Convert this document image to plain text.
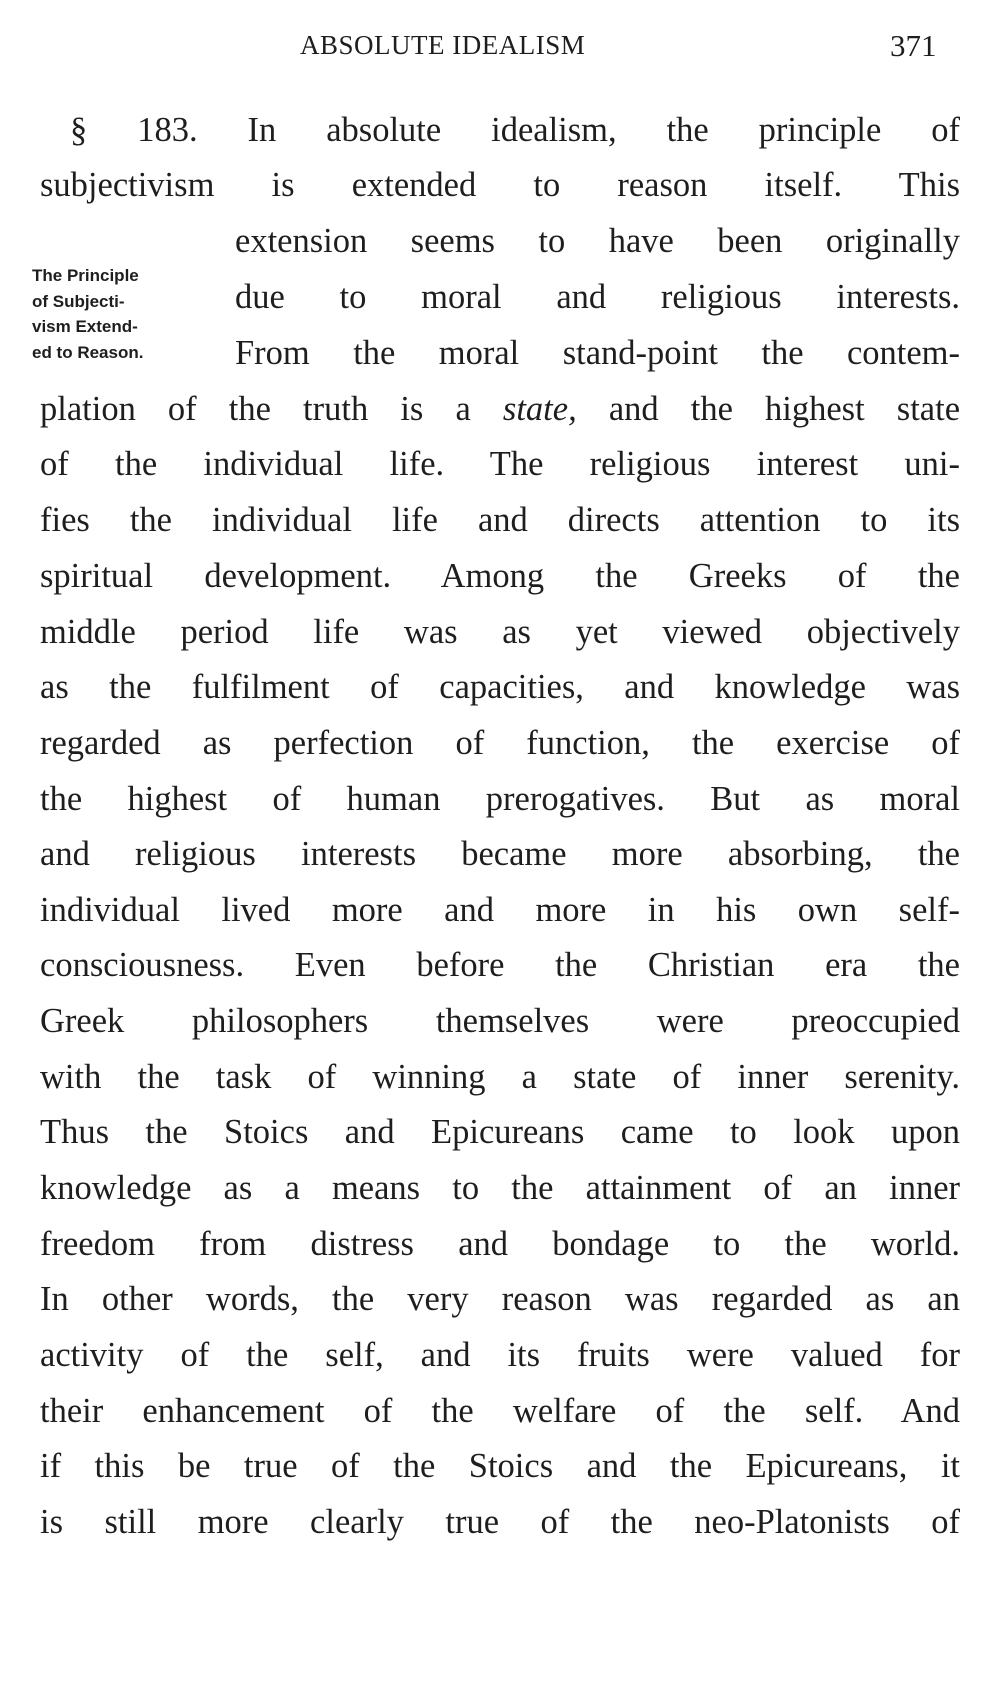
ABSOLUTE IDEALISM	371
The Principle
of Subjecti-
vism Extend-
ed to Reason.
§ 183. In absolute idealism, the principle of
subjectivism is extended to reason itself. This
extension seems to have been originally
due to moral and religious interests.
From the moral stand-point the contem-
plation of the truth is a state, and the highest state
of the individual life. The religious interest uni-
fies the individual life and directs attention to its
spiritual development. Among the Greeks of the
middle period life was as yet viewed objectively
as the fulfilment of capacities, and knowledge was
regarded as perfection of function, the exercise of
the highest of human prerogatives. But as moral
and religious interests became more absorbing, the
individual lived more and more in his own self-
consciousness. Even before the Christian era the
Greek philosophers themselves were preoccupied
with the task of winning a state of inner serenity.
Thus the Stoics and Epicureans came to look upon
knowledge as a means to the attainment of an inner
freedom from distress and bondage to the world.
In other words, the very reason was regarded as an
activity of the self, and its fruits were valued for
their enhancement of the welfare of the self. And
if this be true of the Stoics and the Epicureans, it
is still more clearly true of the neo-Platonists of
